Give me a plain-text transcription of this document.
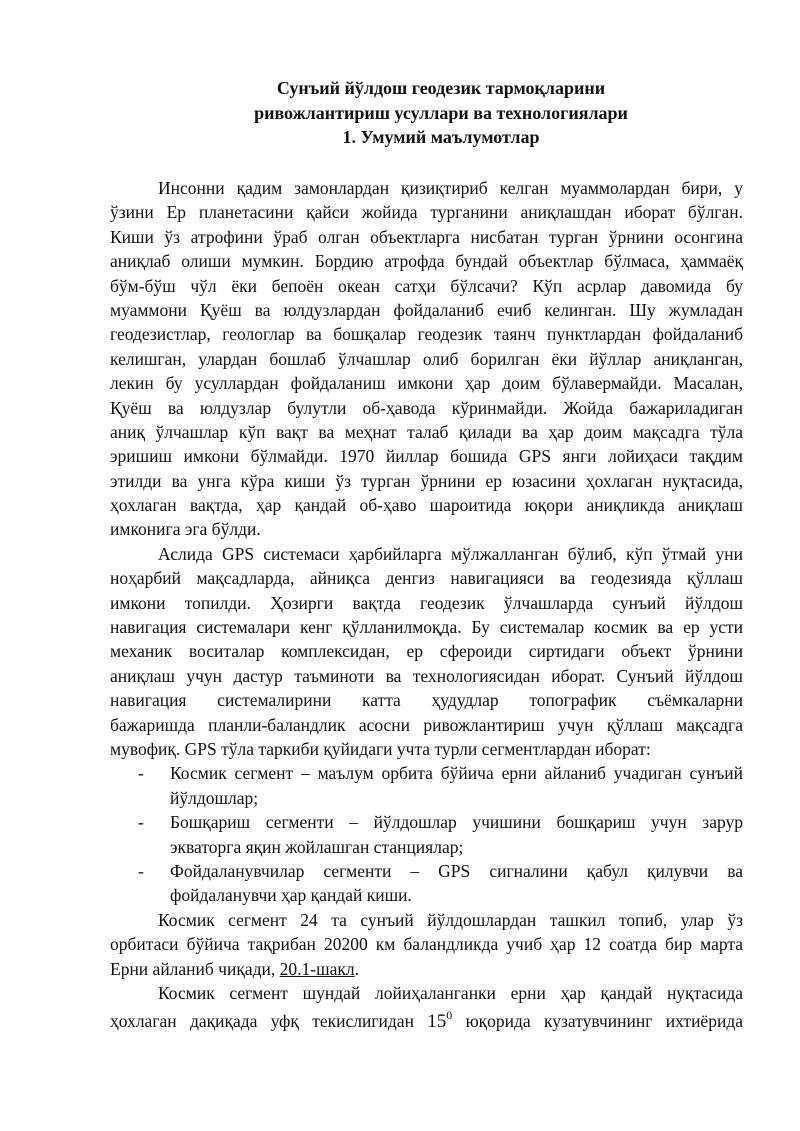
Сунъий йўлдош геодезик тармоқларини
ривожлантириш усуллари ва технологиялари
1. Умумий маълумотлар
Инсонни қадим замонлардан қизиқтириб келган муаммолардан бири, у
ўзини Ер планетасини қайси жойида турганини аниқлашдан иборат бўлган.
Киши ўз атрофини ўраб олган объектларга нисбатан турган ўрнини осонгина
аниқлаб олиши мумкин. Бордию атрофда бундай объектлар бўлмаса, ҳаммаёқ
бўм-бўш чўл ёки бепоён океан сатҳи бўлсачи? Кўп асрлар давомида бу
муаммони Қуёш ва юлдузлардан фойдаланиб ечиб келинган. Шу жумладан
геодезистлар, геологлар ва бошқалар геодезик таянч пунктлардан фойдаланиб
келишган, улардан бошлаб ўлчашлар олиб борилган ёки йўллар аниқланган,
лекин бу усуллардан фойдаланиш имкони ҳар доим бўлавермайди. Масалан,
Қуёш ва юлдузлар булутли об-ҳавода кўринмайди. Жойда бажариладиган
аниқ ўлчашлар кўп вақт ва меҳнат талаб қилади ва ҳар доим мақсадга тўла
эришиш имкони бўлмайди. 1970 йиллар бошида GPS янги лойиҳаси тақдим
этилди ва унга кўра киши ўз турган ўрнини ер юзасини ҳохлаган нуқтасида,
ҳохлаган вақтда, ҳар қандай об-ҳаво шароитида юқори аниқликда аниқлаш
имконига эга бўлди.
Аслида GPS системаси ҳарбийларга мўлжалланган бўлиб, кўп ўтмай уни
ноҳарбий мақсадларда, айниқса денгиз навигацияси ва геодезияда қўллаш
имкони топилди. Ҳозирги вақтда геодезик ўлчашларда сунъий йўлдош
навигация системалари кенг қўлланилмоқда. Бу системалар космик ва ер усти
механик воситалар комплексидан, ер сфероиди сиртидаги объект ўрнини
аниқлаш учун дастур таъминоти ва технологиясидан иборат. Сунъий йўлдош
навигация системалирини катта ҳудудлар топографик съёмкаларни
бажаришда планли-баландлик асосни ривожлантириш учун қўллаш мақсадга
мувофиқ. GPS тўла таркиби қуйидаги учта турли сегментлардан иборат:
-	Космик сегмент – маълум орбита бўйича ерни айланиб учадиган сунъий
йўлдошлар;
-	Бошқариш сегменти – йўлдошлар учишини бошқариш учун зарур
экваторга яқин жойлашган станциялар;
-	Фойдаланувчилар сегменти – GPS сигналини қабул қилувчи ва
фойдаланувчи ҳар қандай киши.
Космик сегмент 24 та сунъий йўлдошлардан ташкил топиб, улар ўз
орбитаси бўйича тақрибан 20200 км баландликда учиб ҳар 12 соатда бир марта
Ерни айланиб чиқади, 20.1-шакл.
Космик сегмент шундай лойиҳаланганки ерни ҳар қандай нуқтасида
ҳохлаган дақиқада уфқ текислигидан $15^0$ юқорида кузатувчининг ихтиёрида
